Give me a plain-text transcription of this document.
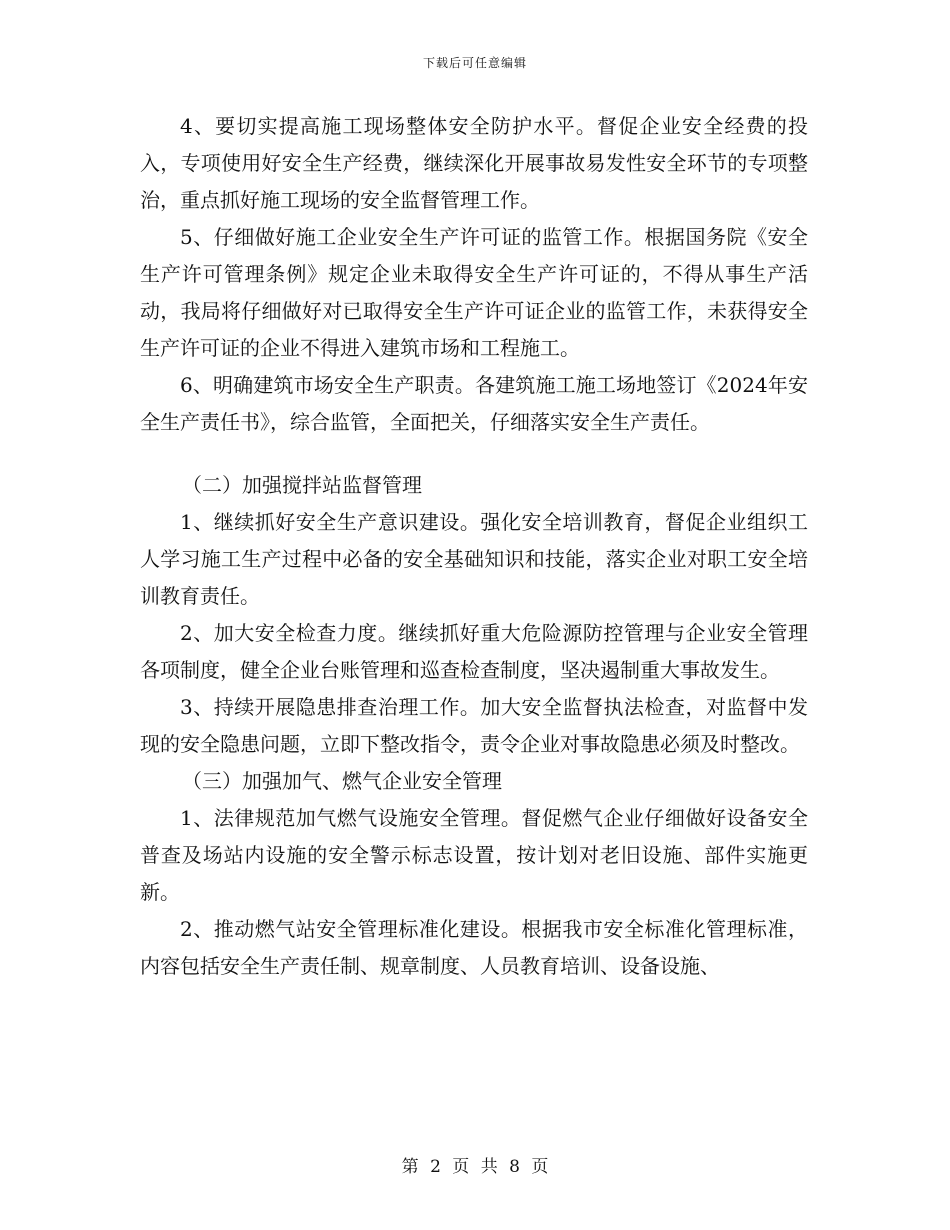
下载后可任意编辑

4、要切实提高施工现场整体安全防护水平。督促企业安全经费的投入，专项使用好安全生产经费，继续深化开展事故易发性安全环节的专项整治，重点抓好施工现场的安全监督管理工作。

5、仔细做好施工企业安全生产许可证的监管工作。根据国务院《安全生产许可管理条例》规定企业未取得安全生产许可证的，不得从事生产活动，我局将仔细做好对已取得安全生产许可证企业的监管工作，未获得安全生产许可证的企业不得进入建筑市场和工程施工。

6、明确建筑市场安全生产职责。各建筑施工施工场地签订《2024年安全生产责任书》，综合监管，全面把关，仔细落实安全生产责任。

（二）加强搅拌站监督管理

1、继续抓好安全生产意识建设。强化安全培训教育，督促企业组织工人学习施工生产过程中必备的安全基础知识和技能，落实企业对职工安全培训教育责任。

2、加大安全检查力度。继续抓好重大危险源防控管理与企业安全管理各项制度，健全企业台账管理和巡查检查制度，坚决遏制重大事故发生。

3、持续开展隐患排查治理工作。加大安全监督执法检查，对监督中发现的安全隐患问题，立即下整改指令，责令企业对事故隐患必须及时整改。

（三）加强加气、燃气企业安全管理

1、法律规范加气燃气设施安全管理。督促燃气企业仔细做好设备安全普查及场站内设施的安全警示标志设置，按计划对老旧设施、部件实施更新。

2、推动燃气站安全管理标准化建设。根据我市安全标准化管理标准，内容包括安全生产责任制、规章制度、人员教育培训、设备设施、

第 2 页 共 8 页
